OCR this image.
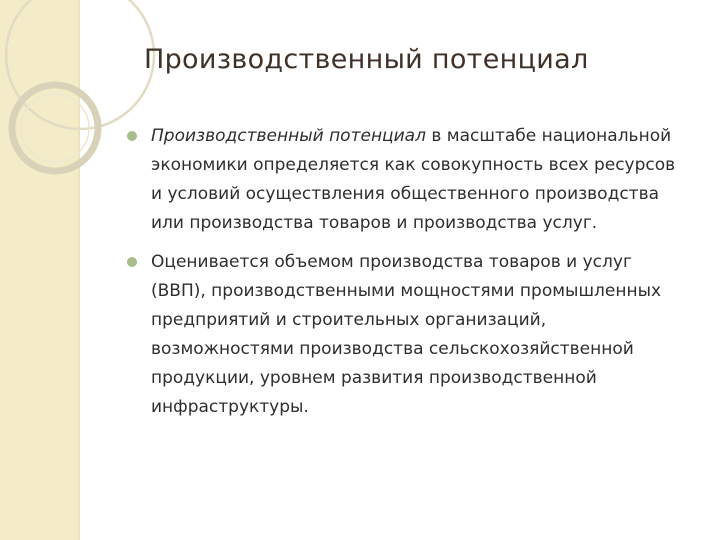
Производственный потенциал
Производственный потенциал в масштабе национальной экономики определяется как совокупность всех ресурсов и условий осуществления общественного производства или производства товаров и производства услуг.
Оценивается объемом производства товаров и услуг (ВВП), производственными мощностями промышленных предприятий и строительных организаций, возможностями производства сельскохозяйственной продукции, уровнем развития производственной инфраструктуры.
